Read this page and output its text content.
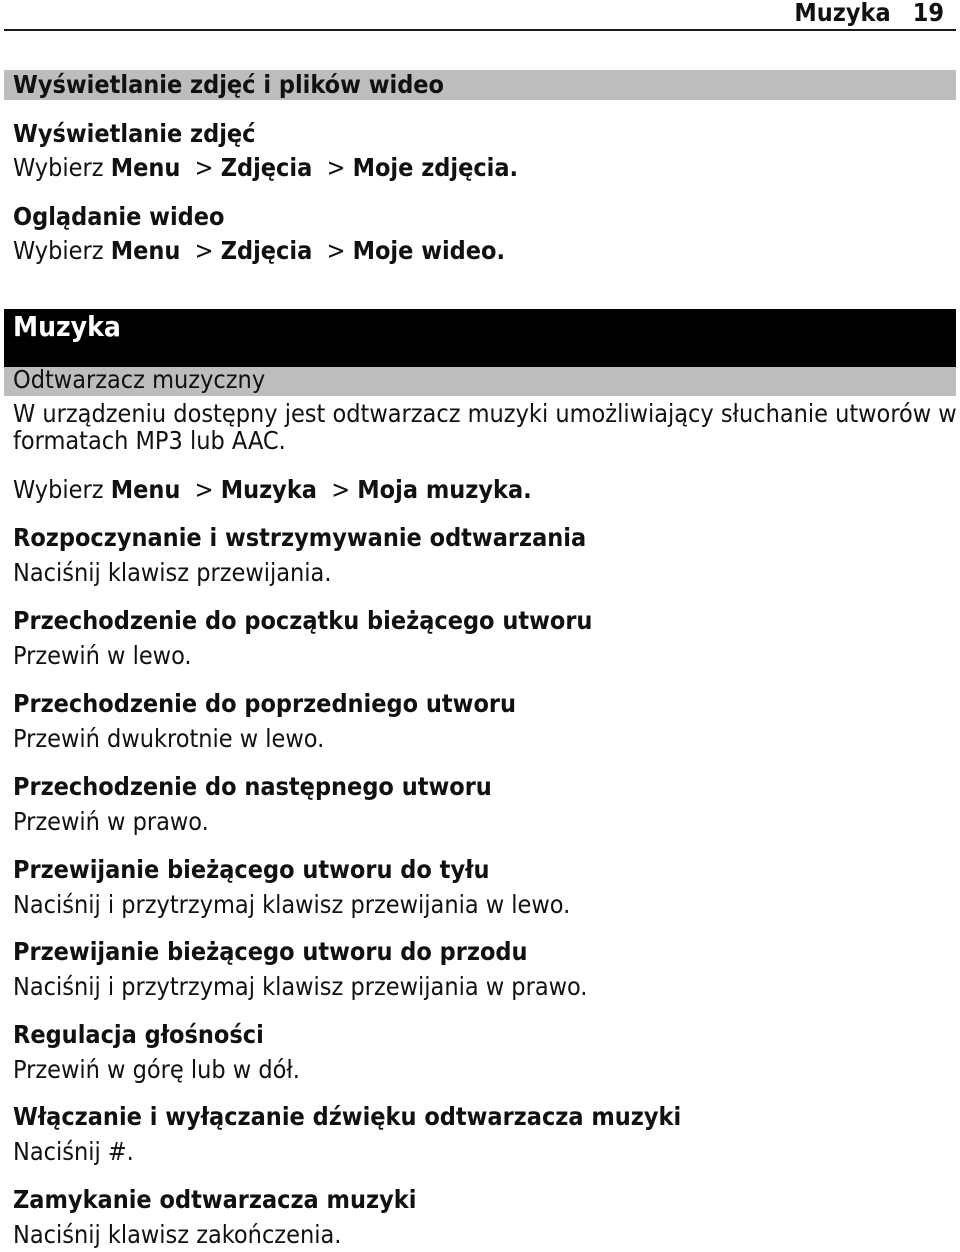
Muzyka 19
Wyświetlanie zdjęć i plików wideo
Wyświetlanie zdjęć
Wybierz Menu  > Zdjęcia  > Moje zdjęcia.
Oglądanie wideo
Wybierz Menu  > Zdjęcia  > Moje wideo.
Muzyka
Odtwarzacz muzyczny
W urządzeniu dostępny jest odtwarzacz muzyki umożliwiający słuchanie utworów w
formatach MP3 lub AAC.
Wybierz Menu  > Muzyka  > Moja muzyka.
Rozpoczynanie i wstrzymywanie odtwarzania
Naciśnij klawisz przewijania.
Przechodzenie do początku bieżącego utworu
Przewiń w lewo.
Przechodzenie do poprzedniego utworu
Przewiń dwukrotnie w lewo.
Przechodzenie do następnego utworu
Przewiń w prawo.
Przewijanie bieżącego utworu do tyłu
Naciśnij i przytrzymaj klawisz przewijania w lewo.
Przewijanie bieżącego utworu do przodu
Naciśnij i przytrzymaj klawisz przewijania w prawo.
Regulacja głośności
Przewiń w górę lub w dół.
Włączanie i wyłączanie dźwięku odtwarzacza muzyki
Naciśnij #.
Zamykanie odtwarzacza muzyki
Naciśnij klawisz zakończenia.
